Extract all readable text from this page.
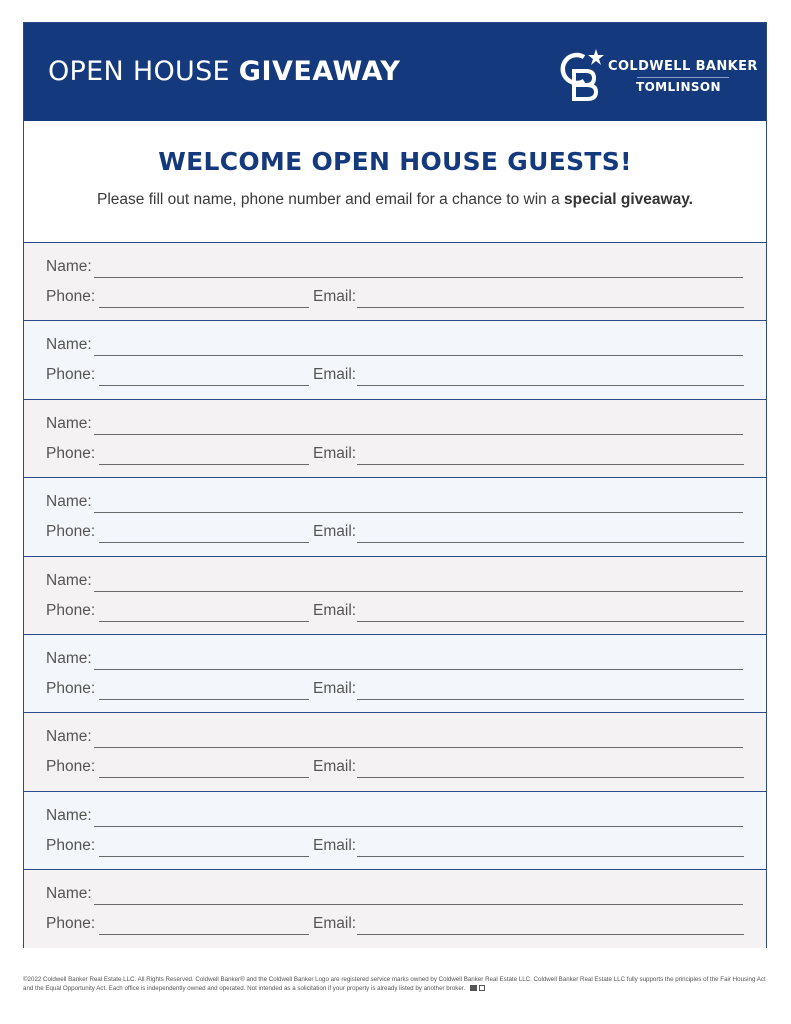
OPEN HOUSE GIVEAWAY	COLDWELL BANKER
TOMLINSON
WELCOME OPEN HOUSE GUESTS!
Please fill out name, phone number and email for a chance to win a special giveaway.
Name:
Phone:	Email:
Name:
Phone:	Email:
Name:
Phone:	Email:
Name:
Phone:	Email:
Name:
Phone:	Email:
Name:
Phone:	Email:
Name:
Phone:	Email:
Name:
Phone:	Email:
Name:
Phone:	Email:
©2022 Coldwell Banker Real Estate LLC. All Rights Reserved. Coldwell Banker® and the Coldwell Banker Logo are registered service marks owned by Coldwell Banker Real Estate LLC. Coldwell Banker Real Estate LLC fully supports the principles of the Fair Housing Act and the Equal Opportunity Act. Each office is independently owned and operated. Not intended as a solicitation if your property is already listed by another broker.
